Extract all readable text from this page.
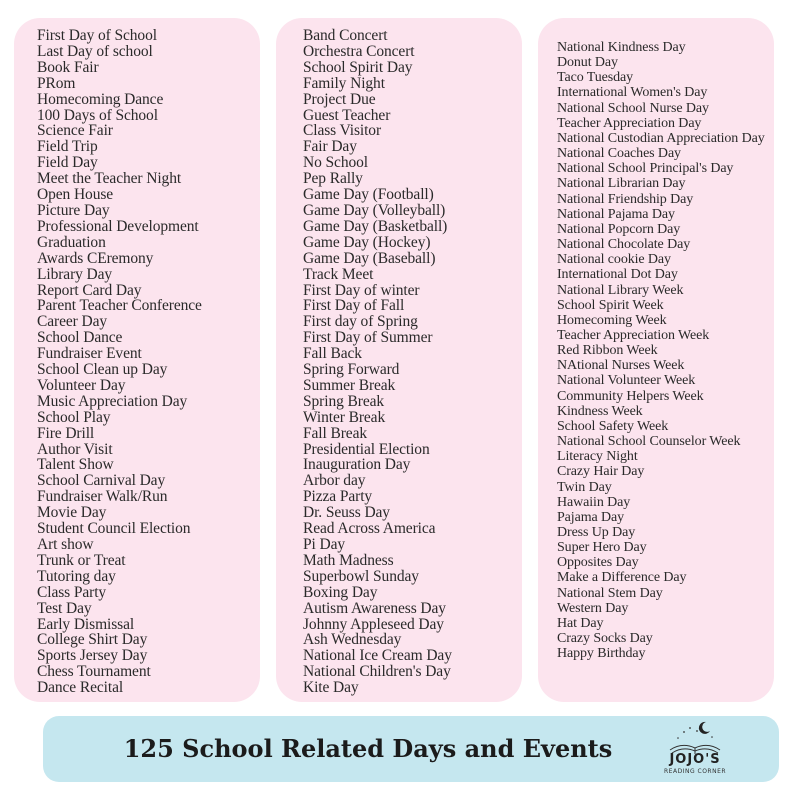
First Day of School
Last Day of school
Book Fair
PRom
Homecoming Dance
100 Days of School
Science Fair
Field Trip
Field Day
Meet the Teacher Night
Open House
Picture Day
Professional Development
Graduation
Awards CEremony
Library Day
Report Card Day
Parent Teacher Conference
Career Day
School Dance
Fundraiser Event
School Clean up Day
Volunteer Day
Music Appreciation Day
School Play
Fire Drill
Author Visit
Talent Show
School Carnival Day
Fundraiser Walk/Run
Movie Day
Student Council Election
Art show
Trunk or Treat
Tutoring day
Class Party
Test Day
Early Dismissal
College Shirt Day
Sports Jersey Day
Chess Tournament
Dance Recital
Band Concert
Orchestra Concert
School Spirit Day
Family Night
Project Due
Guest Teacher
Class Visitor
Fair Day
No School
Pep Rally
Game Day (Football)
Game Day (Volleyball)
Game Day (Basketball)
Game Day (Hockey)
Game Day (Baseball)
Track Meet
First Day of winter
First Day of Fall
First day of Spring
First Day of Summer
Fall Back
Spring Forward
Summer Break
Spring Break
Winter Break
Fall Break
Presidential Election
Inauguration Day
Arbor day
Pizza Party
Dr. Seuss Day
Read Across America
Pi Day
Math Madness
Superbowl Sunday
Boxing Day
Autism Awareness Day
Johnny Appleseed Day
Ash Wednesday
National Ice Cream Day
National Children's Day
Kite Day
National Kindness Day
Donut Day
Taco Tuesday
International Women's Day
National School Nurse Day
Teacher Appreciation Day
National Custodian Appreciation Day
National Coaches Day
National School Principal's Day
National Librarian Day
National Friendship Day
National Pajama Day
National Popcorn Day
National Chocolate Day
National cookie Day
International Dot Day
National Library Week
School Spirit Week
Homecoming Week
Teacher Appreciation Week
Red Ribbon Week
NAtional Nurses Week
National Volunteer Week
Community Helpers Week
Kindness Week
School Safety Week
National School Counselor Week
Literacy Night
Crazy Hair Day
Twin Day
Hawaiin Day
Pajama Day
Dress Up Day
Super Hero Day
Opposites Day
Make a Difference Day
National Stem Day
Western Day
Hat Day
Crazy Socks Day
Happy Birthday
125 School Related Days and Events	JOJO'S
READING CORNER
